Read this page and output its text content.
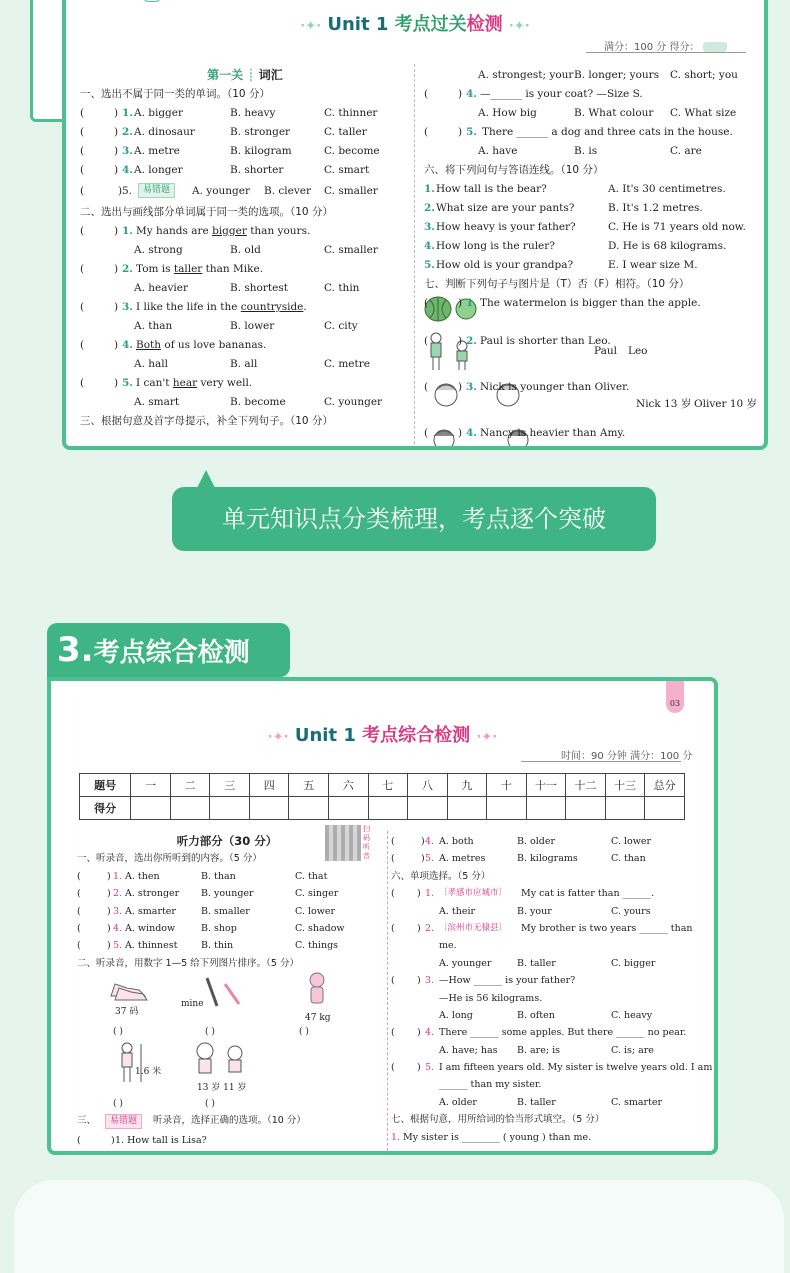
·✦· Unit 1 考点过关检测 ·✦·
满分：100 分 得分：
第一关 ┊ 词汇
一、选出不属于同一类的单词。（10 分）
(	) 1. A. bigger	B. heavy	C. thinner
(	) 2. A. dinosaur	B. stronger	C. taller
(	) 3. A. metre	B. kilogram	C. become
(	) 4. A. longer	B. shorter	C. smart
(	) 5.	易错题	A. younger B. clever C. smaller
二、选出与画线部分单词属于同一类的选项。（10 分）
(	) 1. My hands are bigger than yours.
A. strong	B. old	C. smaller
(	) 2. Tom is taller than Mike.
A. heavier	B. shortest	C. thin
(	) 3. I like the life in the countryside.
A. than	B. lower	C. city
(	) 4. Both of us love bananas.
A. hall	B. all	C. metre
(	) 5. I can't hear very well.
A. smart	B. become	C. younger
三、根据句意及首字母提示，补全下列句子。（10 分）
A. strongest; your B. longer; yours C. short; you
(	) 4. —______ is your coat? —Size S.
A. How big	B. What colour C. What size
(	) 5. There ______ a dog and three cats in the house.
A. have	B. is	C. are
六、将下列问句与答语连线。（10 分）
1. How tall is the bear?	A. It's 30 centimetres.
2. What size are your pants?	B. It's 1.2 metres.
3. How heavy is your father?	C. He is 71 years old now.
4. How long is the ruler?	D. He is 68 kilograms.
5. How old is your grandpa?	E. I wear size M.
七、判断下列句子与图片是（T）否（F）相符。（10 分）
(	) 1. The watermelon is bigger than the apple.
(	) 2. Paul is shorter than Leo.
Paul Leo
(	) 3. Nick is younger than Oliver.
Nick 13 岁 Oliver 10 岁
(	) 4. Nancy is heavier than Amy.
单元知识点分类梳理，考点逐个突破
3.考点综合检测
03
·✦· Unit 1 考点综合检测 ·✦·
时间：90 分钟 满分：100 分
题号	一	二	三	四	五	六	七	八	九	十	十一	十二	十三	总分
得分														
扫码听音
听力部分（30 分）
一、听录音，选出你所听到的内容。（5 分）
(	) 1. A. then	B. than	C. that
(	) 2. A. stronger B. younger	C. singer
(	) 3. A. smarter	B. smaller	C. lower
(	) 4. A. window	B. shop	C. shadow
(	) 5. A. thinnest B. thin	C. things
二、听录音，用数字 1—5 给下列图片排序。（5 分）
37 码
mine
47 kg
( )	( )	( )
1.6 米
13 岁 11 岁
( )	( )
三、	易错题	听录音，选择正确的选项。（10 分）
(	) 1. How tall is Lisa?
(	) 4. A. both	B. older	C. lower
(	) 5. A. metres	B. kilograms	C. than
六、单项选择。（5 分）
( ) 1. 〔孝感市应城市〕 My cat is fatter than ______.
A. their	B. your	C. yours
( ) 2. 〔滨州市无棣县〕 My brother is two years ______ than
me.
A. younger	B. taller	C. bigger
( ) 3. —How ______ is your father?
—He is 56 kilograms.
A. long	B. often	C. heavy
( ) 4. There ______ some apples. But there ______ no pear.
A. have; has B. are; is	C. is; are
( ) 5. I am fifteen years old. My sister is twelve years old. I am
______ than my sister.
A. older	B. taller	C. smarter
七、根据句意，用所给词的恰当形式填空。（5 分）
1. My sister is ________ ( young ) than me.
